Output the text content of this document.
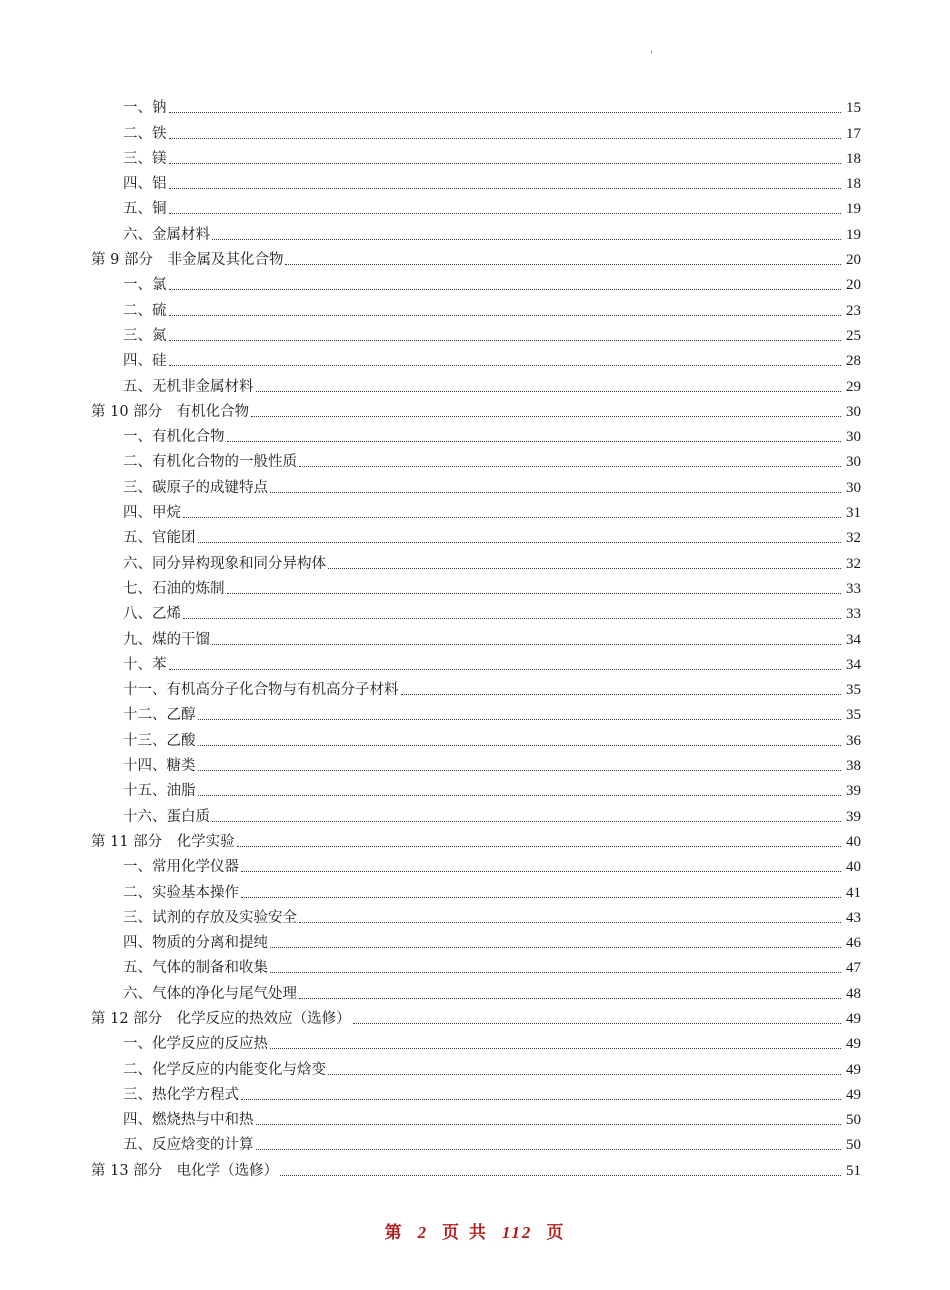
'
一、钠	15
二、铁	17
三、镁	18
四、铝	18
五、铜	19
六、金属材料	19
第 9 部分　非金属及其化合物	20
一、氯	20
二、硫	23
三、氮	25
四、硅	28
五、无机非金属材料	29
第 10 部分　有机化合物	30
一、有机化合物	30
二、有机化合物的一般性质	30
三、碳原子的成键特点	30
四、甲烷	31
五、官能团	32
六、同分异构现象和同分异构体	32
七、石油的炼制	33
八、乙烯	33
九、煤的干馏	34
十、苯	34
十一、有机高分子化合物与有机高分子材料	35
十二、乙醇	35
十三、乙酸	36
十四、糖类	38
十五、油脂	39
十六、蛋白质	39
第 11 部分　化学实验	40
一、常用化学仪器	40
二、实验基本操作	41
三、试剂的存放及实验安全	43
四、物质的分离和提纯	46
五、气体的制备和收集	47
六、气体的净化与尾气处理	48
第 12 部分　化学反应的热效应（选修）	49
一、化学反应的反应热	49
二、化学反应的内能变化与焓变	49
三、热化学方程式	49
四、燃烧热与中和热	50
五、反应焓变的计算	50
第 13 部分　电化学（选修）	51
第 2 页 共 112 页
